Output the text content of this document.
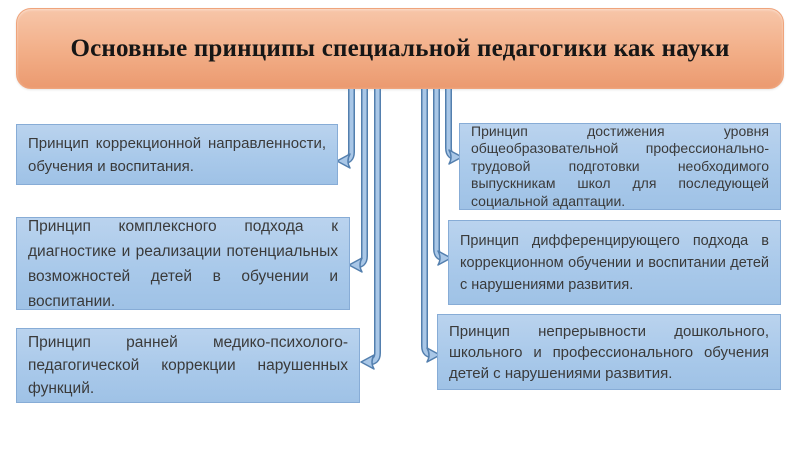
Основные принципы специальной педагогики как науки

Принцип коррекционной направленности, обучения и воспитания.

Принцип комплексного подхода к диагностике и реализации потенциальных возможностей детей в обучении и воспитании.

Принцип ранней медико-психолого-педагогической коррекции нарушенных функций.

Принцип достижения уровня общеобразовательной профессионально-трудовой подготовки необходимого выпускникам школ для последующей социальной адаптации.

Принцип дифференцирующего подхода в коррекционном обучении и воспитании детей с нарушениями развития.

Принцип непрерывности дошкольного, школьного и профессионального обучения детей с нарушениями развития.
